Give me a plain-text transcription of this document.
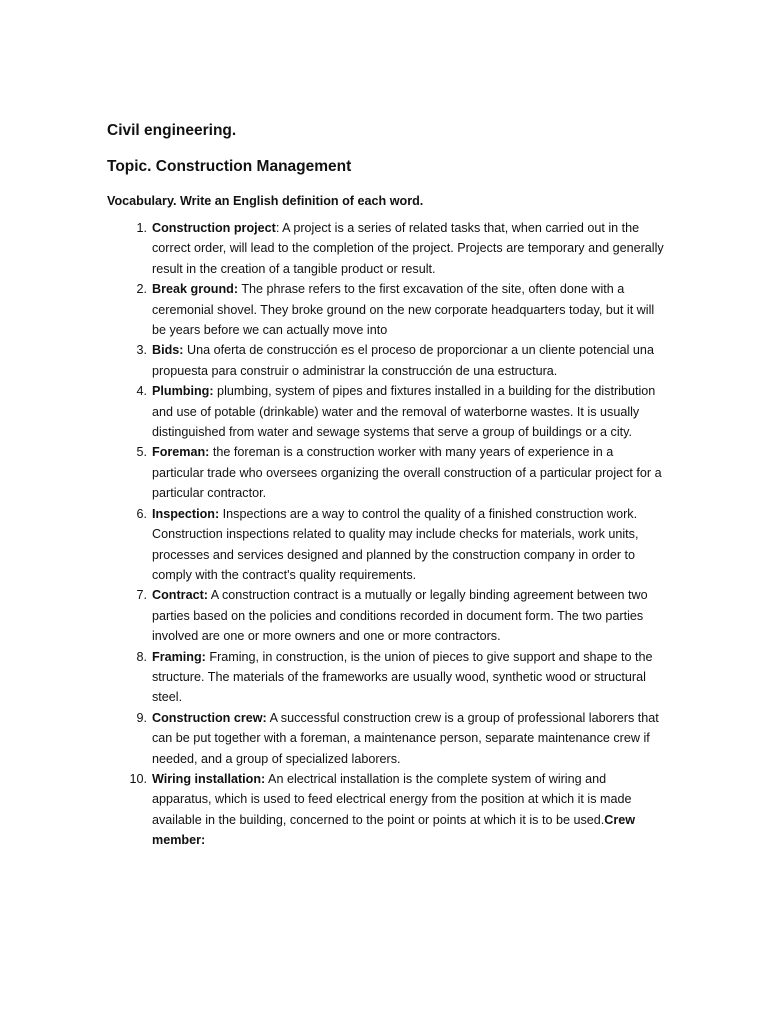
Civil engineering.
Topic. Construction Management
Vocabulary. Write an English definition of each word.
1. Construction project: A project is a series of related tasks that, when carried out in the correct order, will lead to the completion of the project. Projects are temporary and generally result in the creation of a tangible product or result.
2. Break ground: The phrase refers to the first excavation of the site, often done with a ceremonial shovel. They broke ground on the new corporate headquarters today, but it will be years before we can actually move into
3. Bids: Una oferta de construcción es el proceso de proporcionar a un cliente potencial una propuesta para construir o administrar la construcción de una estructura.
4. Plumbing: plumbing, system of pipes and fixtures installed in a building for the distribution and use of potable (drinkable) water and the removal of waterborne wastes. It is usually distinguished from water and sewage systems that serve a group of buildings or a city.
5. Foreman: the foreman is a construction worker with many years of experience in a particular trade who oversees organizing the overall construction of a particular project for a particular contractor.
6. Inspection: Inspections are a way to control the quality of a finished construction work. Construction inspections related to quality may include checks for materials, work units, processes and services designed and planned by the construction company in order to comply with the contract's quality requirements.
7. Contract: A construction contract is a mutually or legally binding agreement between two parties based on the policies and conditions recorded in document form. The two parties involved are one or more owners and one or more contractors.
8. Framing: Framing, in construction, is the union of pieces to give support and shape to the structure. The materials of the frameworks are usually wood, synthetic wood or structural steel.
9. Construction crew: A successful construction crew is a group of professional laborers that can be put together with a foreman, a maintenance person, separate maintenance crew if needed, and a group of specialized laborers.
10. Wiring installation: An electrical installation is the complete system of wiring and apparatus, which is used to feed electrical energy from the position at which it is made available in the building, concerned to the point or points at which it is to be used.Crew member:
